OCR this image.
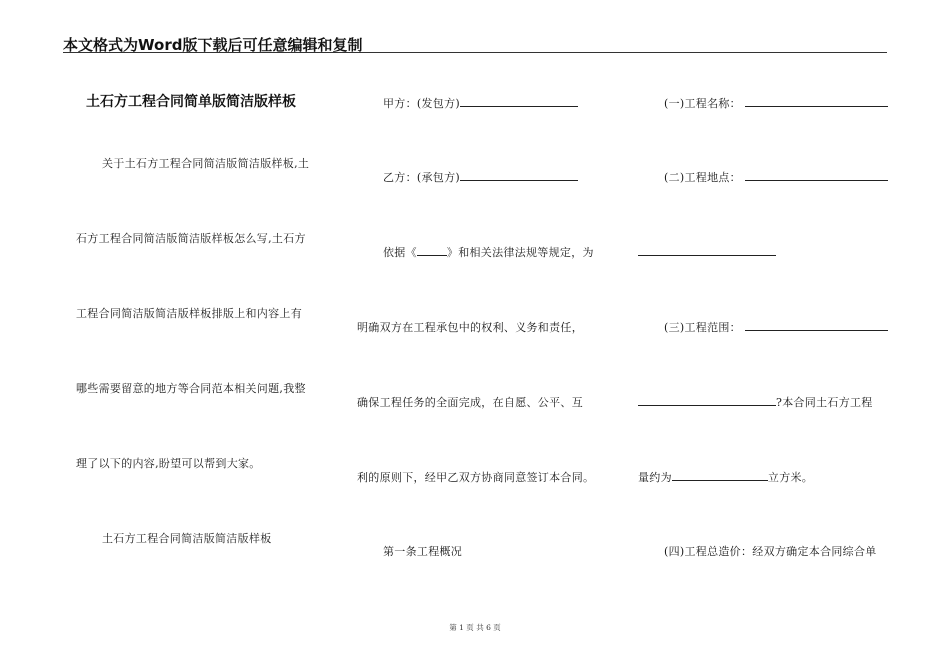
本文格式为Word版下载后可任意编辑和复制
土石方工程合同简单版简洁版样板
关于土石方工程合同简洁版简洁版样板,土
石方工程合同简洁版简洁版样板怎么写,土石方
工程合同简洁版简洁版样板排版上和内容上有
哪些需要留意的地方等合同范本相关问题,我整
理了以下的内容,盼望可以帮到大家。
土石方工程合同简洁版简洁版样板
甲方：(发包方)
乙方：(承包方)
依据《	》和相关法律法规等规定，为
明确双方在工程承包中的权利、义务和责任，
确保工程任务的全面完成，在自愿、公平、互
利的原则下，经甲乙双方协商同意签订本合同。
第一条工程概况
(一)工程名称：
(二)工程地点：
(三)工程范围：
?本合同土石方工程
量约为	立方米。
(四)工程总造价：经双方确定本合同综合单
第 1 页 共 6 页
